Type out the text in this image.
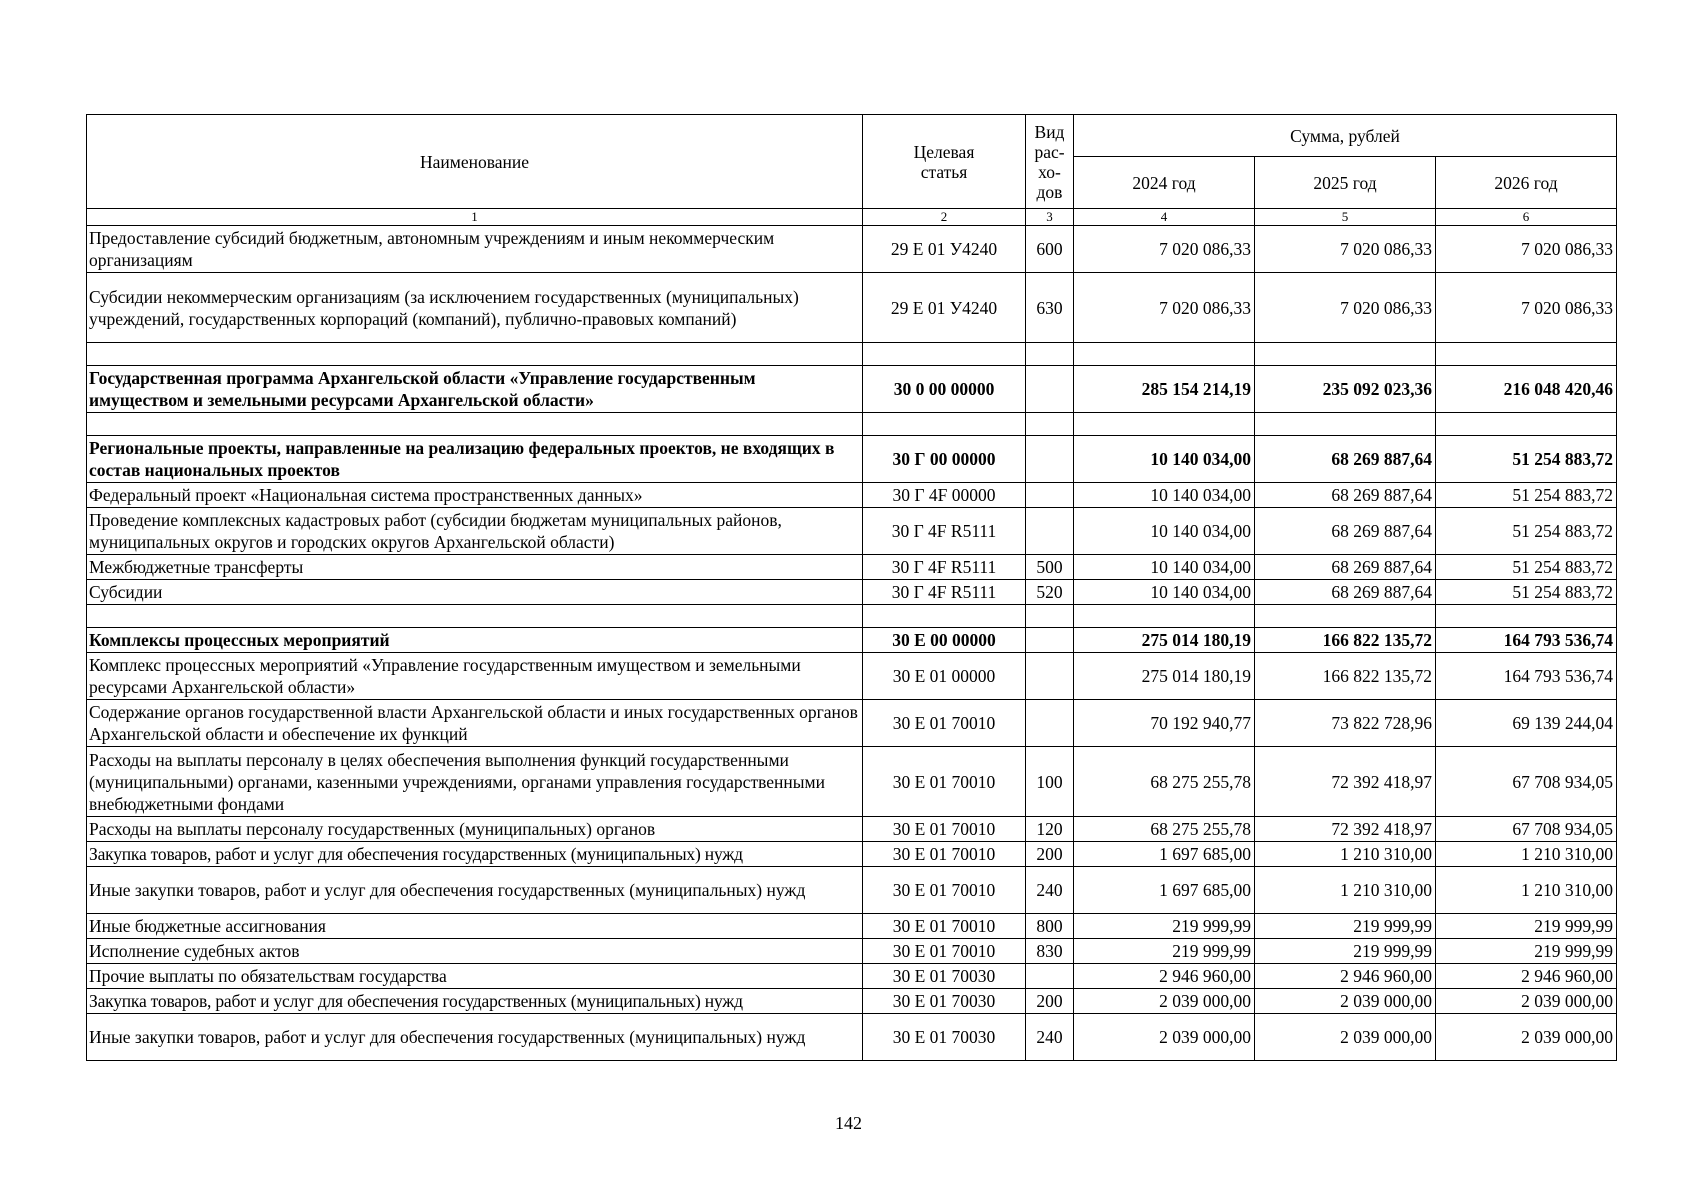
Наименование	Целевая статья	Вид рас-хо-дов	Сумма, рублей		
			2024 год	2025 год	2026 год
1	2	3	4	5	6
Предоставление субсидий бюджетным, автономным учреждениям и иным некоммерческим организациям	29 Е 01 У4240	600	7 020 086,33	7 020 086,33	7 020 086,33
Субсидии некоммерческим организациям (за исключением государственных (муниципальных) учреждений, государственных корпораций (компаний), публично-правовых компаний)	29 Е 01 У4240	630	7 020 086,33	7 020 086,33	7 020 086,33

Государственная программа Архангельской области «Управление государственным имуществом и земельными ресурсами Архангельской области»	30 0 00 00000		285 154 214,19	235 092 023,36	216 048 420,46

Региональные проекты, направленные на реализацию федеральных проектов, не входящих в состав национальных проектов	30 Г 00 00000		10 140 034,00	68 269 887,64	51 254 883,72
Федеральный проект «Национальная система пространственных данных»	30 Г 4F 00000		10 140 034,00	68 269 887,64	51 254 883,72
Проведение комплексных кадастровых работ (субсидии бюджетам муниципальных районов, муниципальных округов и городских округов Архангельской области)	30 Г 4F R5111		10 140 034,00	68 269 887,64	51 254 883,72
Межбюджетные трансферты	30 Г 4F R5111	500	10 140 034,00	68 269 887,64	51 254 883,72
Субсидии	30 Г 4F R5111	520	10 140 034,00	68 269 887,64	51 254 883,72

Комплексы процессных мероприятий	30 Е 00 00000		275 014 180,19	166 822 135,72	164 793 536,74
Комплекс процессных мероприятий «Управление государственным имуществом и земельными ресурсами Архангельской области»	30 Е 01 00000		275 014 180,19	166 822 135,72	164 793 536,74
Содержание органов государственной власти Архангельской области и иных государственных органов Архангельской области и обеспечение их функций	30 Е 01 70010		70 192 940,77	73 822 728,96	69 139 244,04
Расходы на выплаты персоналу в целях обеспечения выполнения функций государственными (муниципальными) органами, казенными учреждениями, органами управления государственными внебюджетными фондами	30 Е 01 70010	100	68 275 255,78	72 392 418,97	67 708 934,05
Расходы на выплаты персоналу государственных (муниципальных) органов	30 Е 01 70010	120	68 275 255,78	72 392 418,97	67 708 934,05
Закупка товаров, работ и услуг для обеспечения государственных (муниципальных) нужд	30 Е 01 70010	200	1 697 685,00	1 210 310,00	1 210 310,00
Иные закупки товаров, работ и услуг для обеспечения государственных (муниципальных) нужд	30 Е 01 70010	240	1 697 685,00	1 210 310,00	1 210 310,00
Иные бюджетные ассигнования	30 Е 01 70010	800	219 999,99	219 999,99	219 999,99
Исполнение судебных актов	30 Е 01 70010	830	219 999,99	219 999,99	219 999,99
Прочие выплаты по обязательствам государства	30 Е 01 70030		2 946 960,00	2 946 960,00	2 946 960,00
Закупка товаров, работ и услуг для обеспечения государственных (муниципальных) нужд	30 Е 01 70030	200	2 039 000,00	2 039 000,00	2 039 000,00
Иные закупки товаров, работ и услуг для обеспечения государственных (муниципальных) нужд	30 Е 01 70030	240	2 039 000,00	2 039 000,00	2 039 000,00
142
